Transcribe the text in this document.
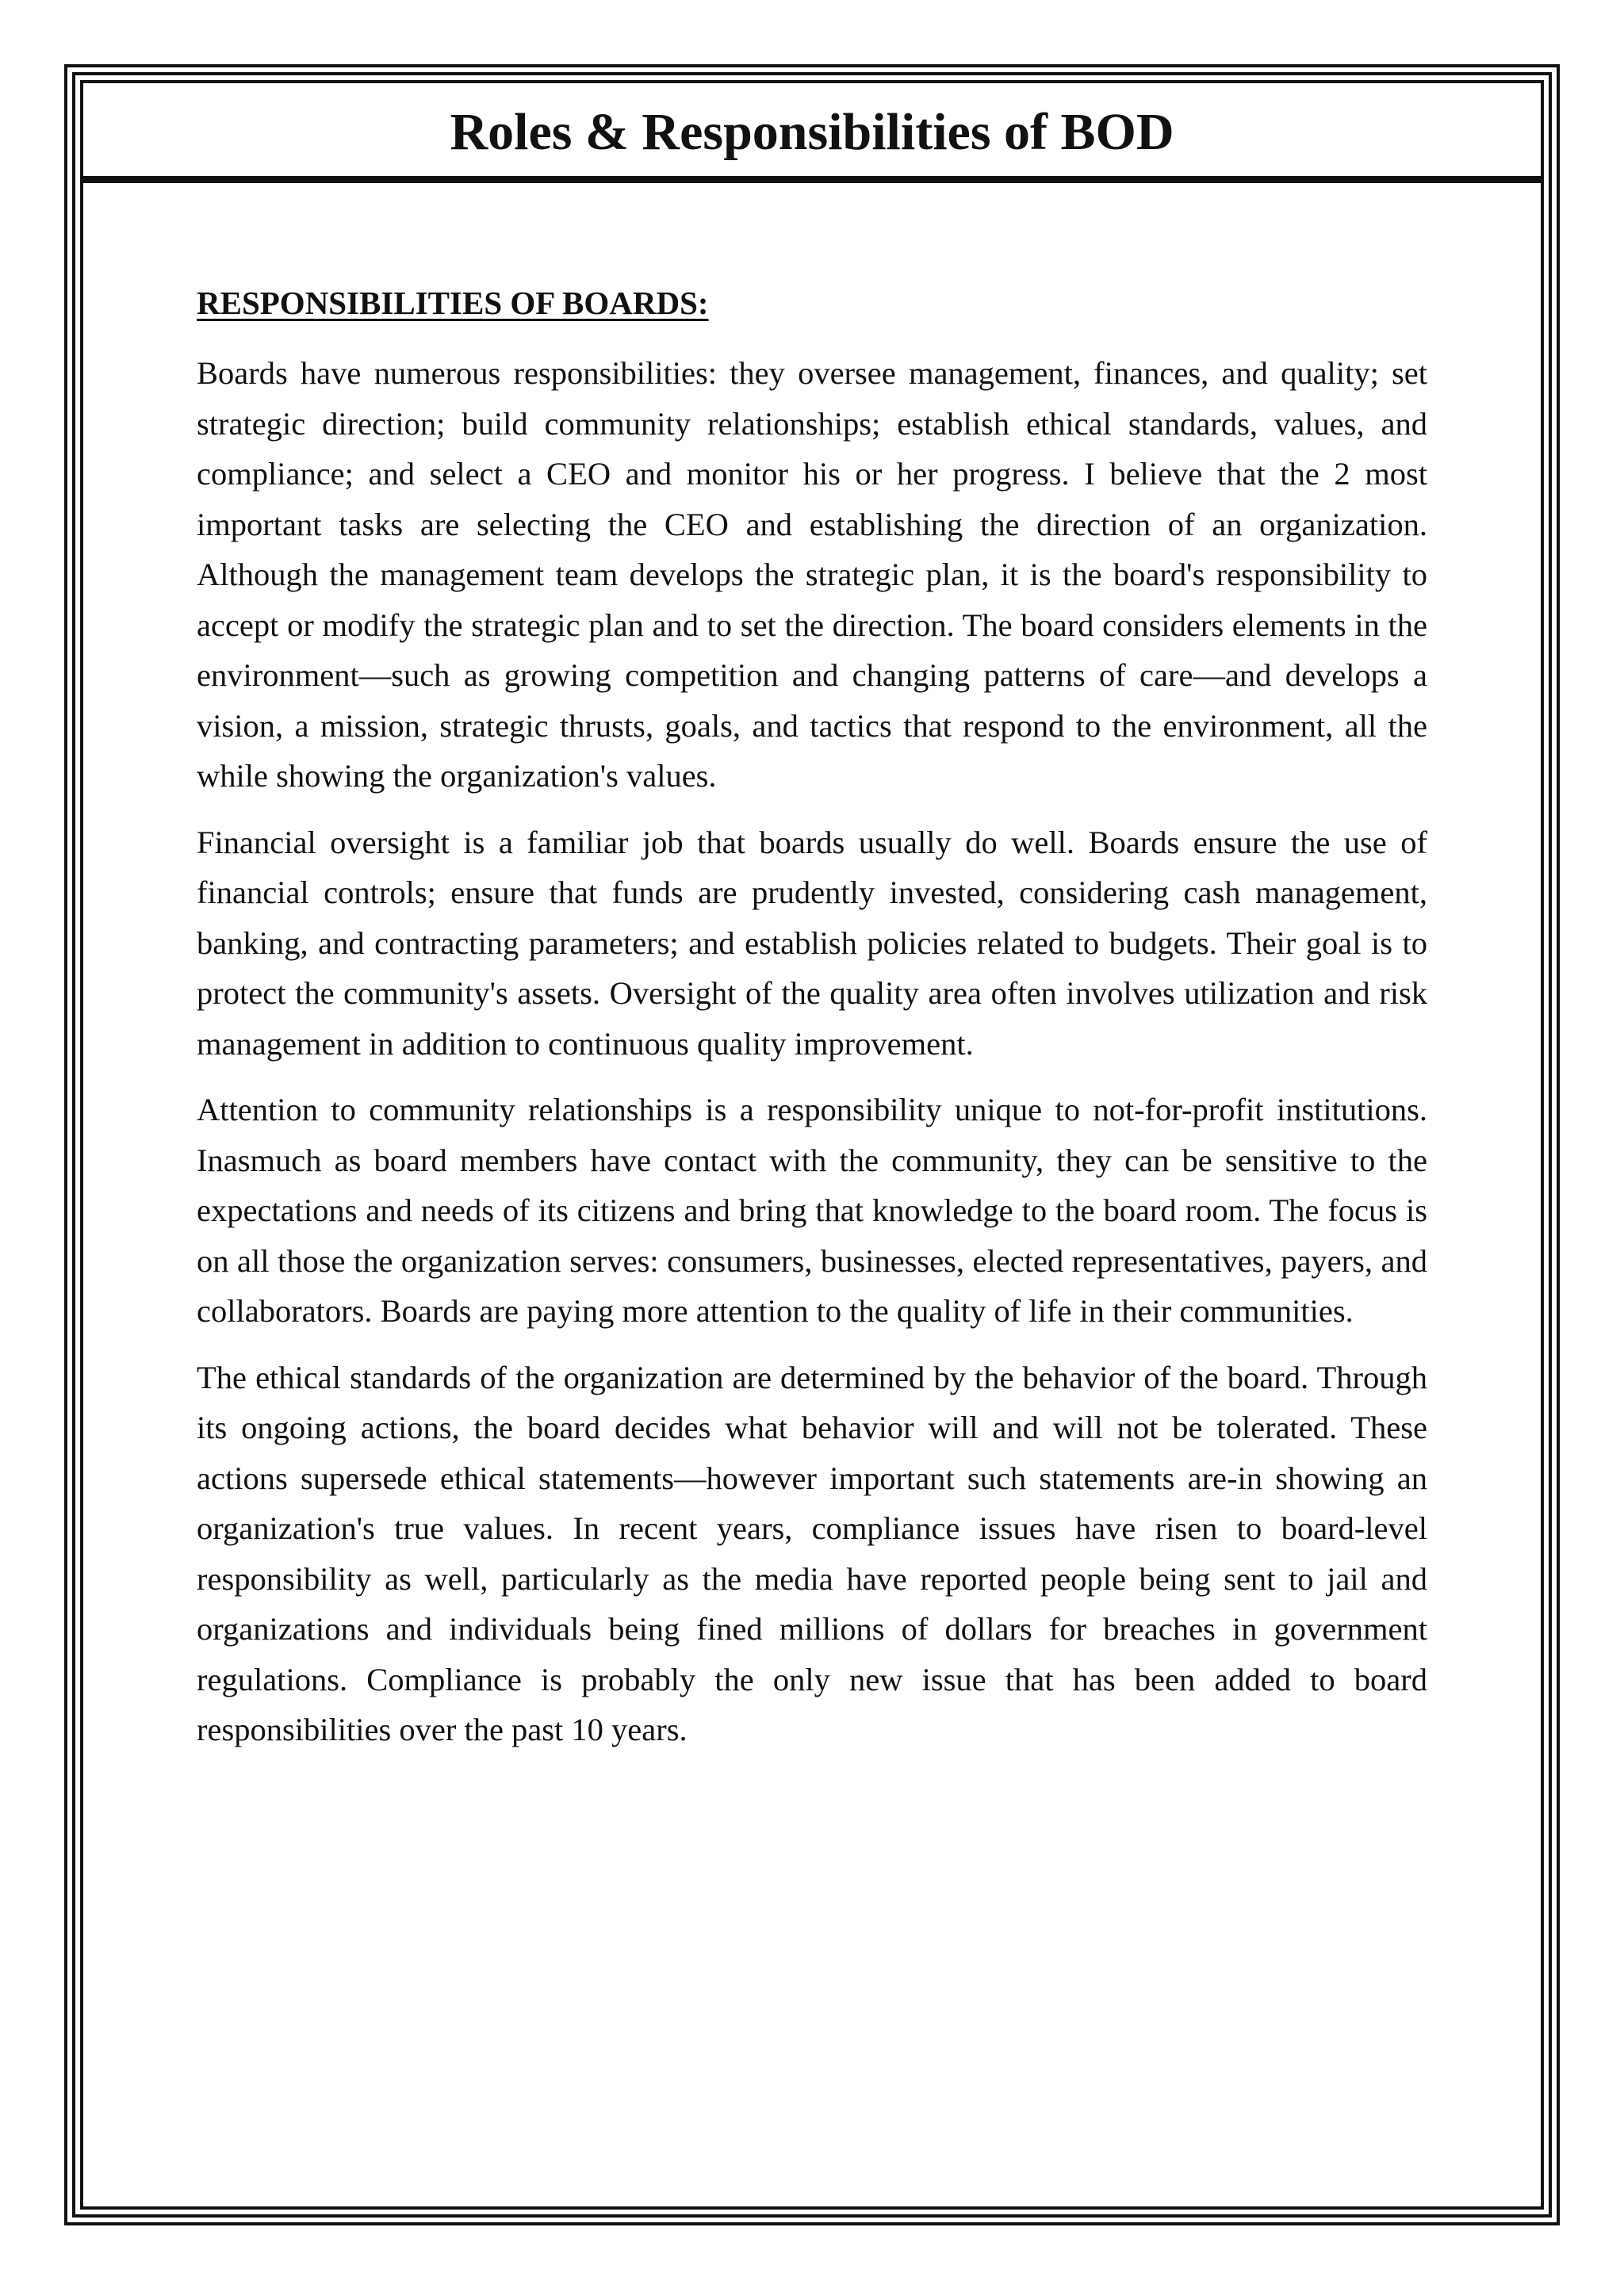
Roles & Responsibilities of BOD
RESPONSIBILITIES OF BOARDS:

Boards have numerous responsibilities: they oversee management, finances, and quality; set strategic direction; build community relationships; establish ethical standards, values, and compliance; and select a CEO and monitor his or her progress. I believe that the 2 most important tasks are selecting the CEO and establishing the direction of an organization. Although the management team develops the strategic plan, it is the board's responsibility to accept or modify the strategic plan and to set the direction. The board considers elements in the environment—such as growing competition and changing patterns of care—and develops a vision, a mission, strategic thrusts, goals, and tactics that respond to the environment, all the while showing the organization's values.

Financial oversight is a familiar job that boards usually do well. Boards ensure the use of financial controls; ensure that funds are prudently invested, considering cash management, banking, and contracting parameters; and establish policies related to budgets. Their goal is to protect the community's assets. Oversight of the quality area often involves utilization and risk management in addition to continuous quality improvement.

Attention to community relationships is a responsibility unique to not-for-profit institutions. Inasmuch as board members have contact with the community, they can be sensitive to the expectations and needs of its citizens and bring that knowledge to the board room. The focus is on all those the organization serves: consumers, businesses, elected representatives, payers, and collaborators. Boards are paying more attention to the quality of life in their communities.

The ethical standards of the organization are determined by the behavior of the board. Through its ongoing actions, the board decides what behavior will and will not be tolerated. These actions supersede ethical statements—however important such statements are-in showing an organization's true values. In recent years, compliance issues have risen to board-level responsibility as well, particularly as the media have reported people being sent to jail and organizations and individuals being fined millions of dollars for breaches in government regulations. Compliance is probably the only new issue that has been added to board responsibilities over the past 10 years.
